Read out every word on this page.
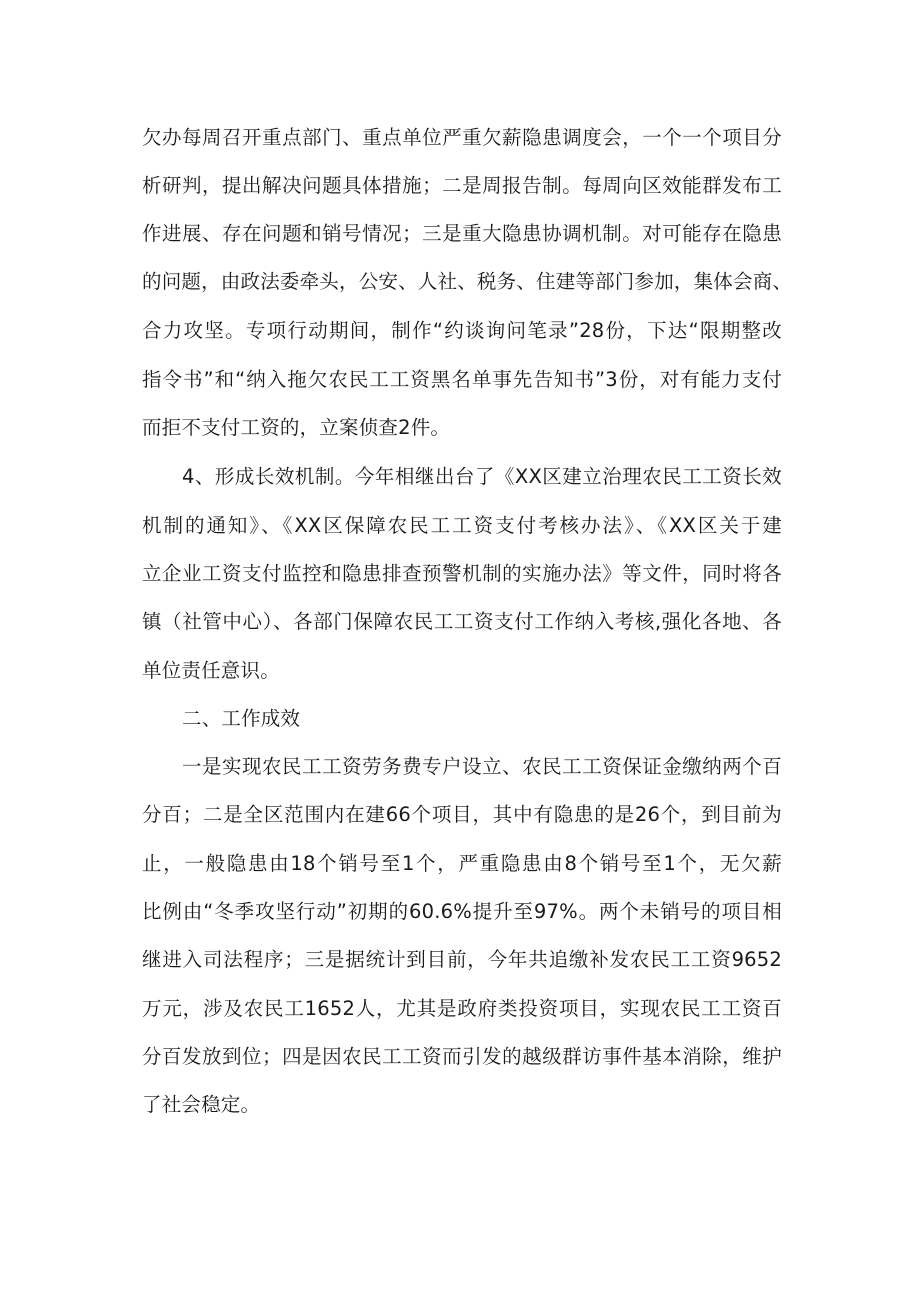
欠办每周召开重点部门、重点单位严重欠薪隐患调度会，一个一个项目分
析研判，提出解决问题具体措施；二是周报告制。每周向区效能群发布工
作进展、存在问题和销号情况；三是重大隐患协调机制。对可能存在隐患
的问题，由政法委牵头，公安、人社、税务、住建等部门参加，集体会商、
合力攻坚。专项行动期间，制作“约谈询问笔录”28份，下达“限期整改
指令书”和“纳入拖欠农民工工资黑名单事先告知书”3份，对有能力支付
而拒不支付工资的，立案侦查2件。
4、形成长效机制。今年相继出台了《XX区建立治理农民工工资长效
机制的通知》、《XX区保障农民工工资支付考核办法》、《XX区关于建
立企业工资支付监控和隐患排查预警机制的实施办法》等文件，同时将各
镇（社管中心）、各部门保障农民工工资支付工作纳入考核,强化各地、各
单位责任意识。
二、工作成效
一是实现农民工工资劳务费专户设立、农民工工资保证金缴纳两个百
分百；二是全区范围内在建66个项目，其中有隐患的是26个，到目前为
止，一般隐患由18个销号至1个，严重隐患由8个销号至1个，无欠薪
比例由“冬季攻坚行动”初期的60.6%提升至97%。两个未销号的项目相
继进入司法程序；三是据统计到目前，今年共追缴补发农民工工资9652
万元，涉及农民工1652人，尤其是政府类投资项目，实现农民工工资百
分百发放到位；四是因农民工工资而引发的越级群访事件基本消除，维护
了社会稳定。
